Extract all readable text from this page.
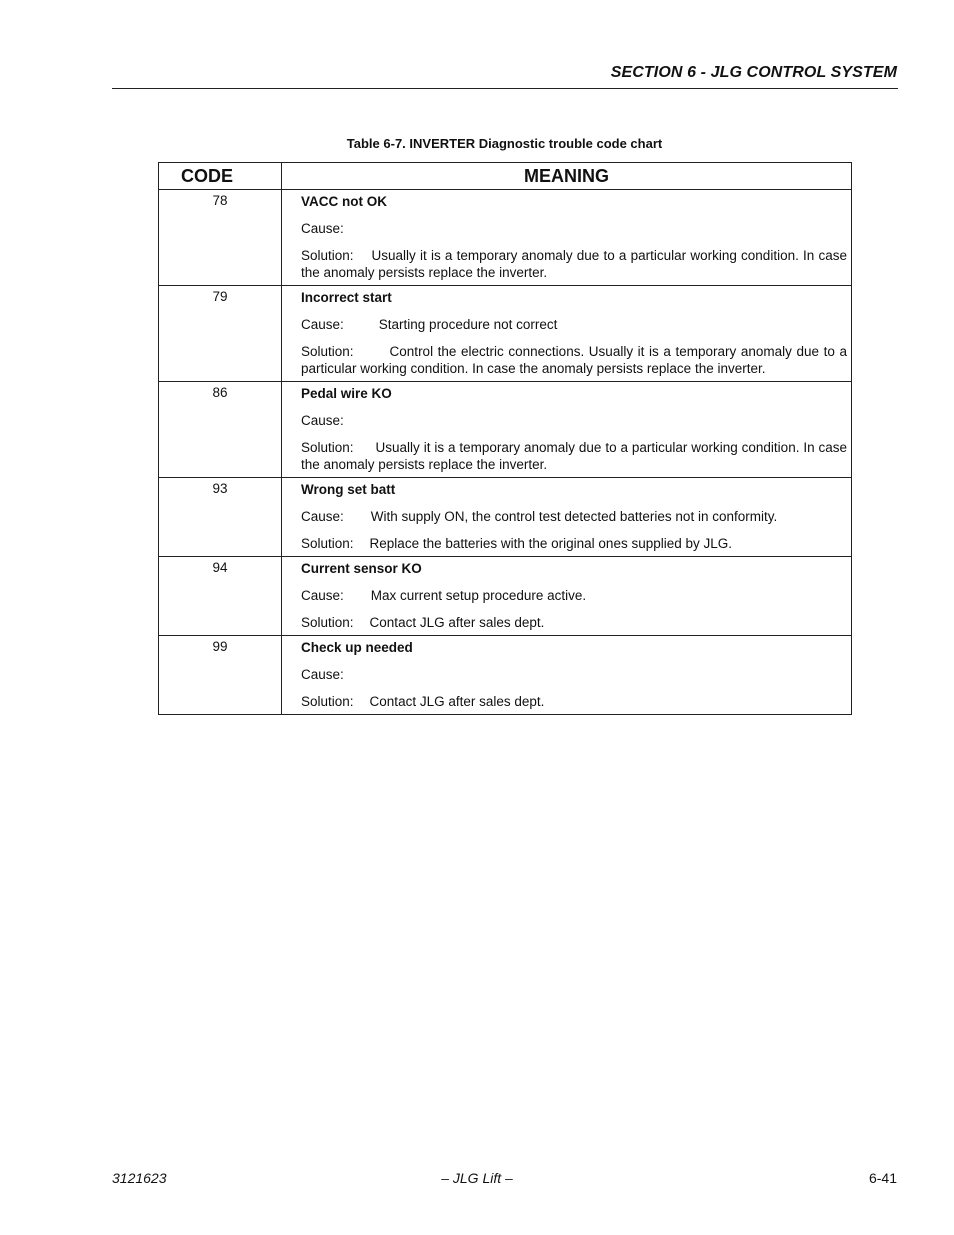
SECTION 6 - JLG CONTROL SYSTEM
Table 6-7. INVERTER Diagnostic trouble code chart
CODE	MEANING
78	VACC not OK
Cause:
Solution: Usually it is a temporary anomaly due to a particular working condition. In case the anomaly persists replace the inverter.

79	Incorrect start
Cause: Starting procedure not correct
Solution: Control the electric connections. Usually it is a temporary anomaly due to a particular working condition. In case the anomaly persists replace the inverter.

86	Pedal wire KO
Cause:
Solution: Usually it is a temporary anomaly due to a particular working condition. In case the anomaly persists replace the inverter.

93	Wrong set batt
Cause: With supply ON, the control test detected batteries not in conformity.
Solution: Replace the batteries with the original ones supplied by JLG.

94	Current sensor KO
Cause: Max current setup procedure active.
Solution: Contact JLG after sales dept.

99	Check up needed
Cause:
Solution: Contact JLG after sales dept.
3121623	– JLG Lift –	6-41
